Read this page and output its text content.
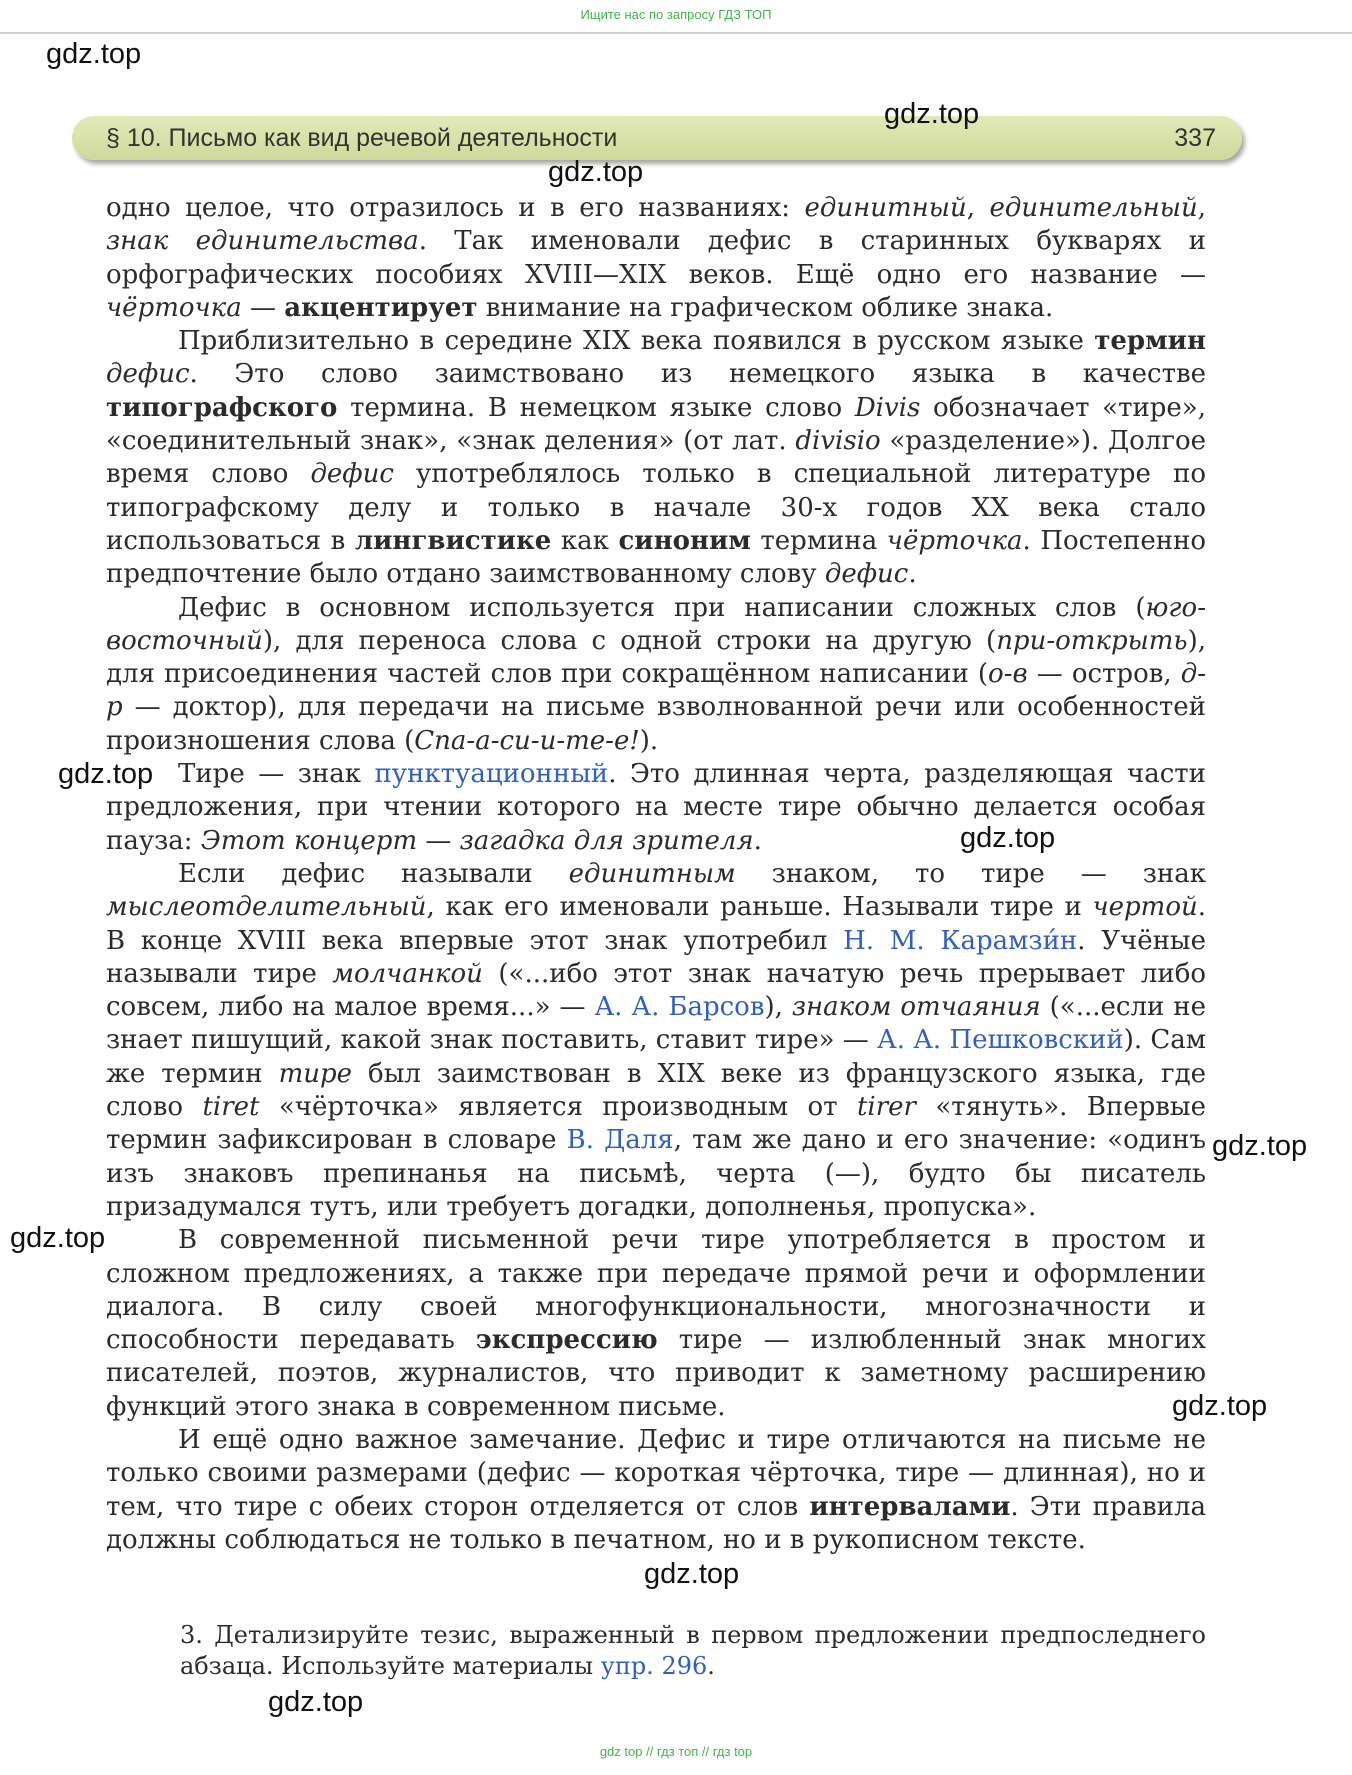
Ищите нас по запросу ГДЗ ТОП
gdz.top
§ 10. Письмо как вид речевой деятельности	337
gdz.top
gdz.top

одно целое, что отразилось и в его названиях: единитный, единительный, знак единительства. Так именовали дефис в старинных букварях и орфографических пособиях XVIII—XIX веков. Ещё одно его название — чёрточка — акцентирует внимание на графическом облике знака.

Приблизительно в середине XIX века появился в русском языке термин дефис. Это слово заимствовано из немецкого языка в качестве типографского термина. В немецком языке слово Divis обозначает «тире», «соединительный знак», «знак деления» (от лат. divisio «разделение»). Долгое время слово дефис употреблялось только в специальной литературе по типографскому делу и только в начале 30-х годов XX века стало использоваться в лингвистике как синоним термина чёрточка. Постепенно предпочтение было отдано заимствованному слову дефис.

Дефис в основном используется при написании сложных слов (юго-восточный), для переноса слова с одной строки на другую (при-открыть), для присоединения частей слов при сокращённом написании (о-в — остров, д-р — доктор), для передачи на письме взволнованной речи или особенностей произношения слова (Спа-а-си-и-те-е!).

Тире — знак пунктуационный. Это длинная черта, разделяющая части предложения, при чтении которого на месте тире обычно делается особая пауза: Этот концерт — загадка для зрителя.

Если дефис называли единитным знаком, то тире — знак мыслеотделительный, как его именовали раньше. Называли тире и чертой. В конце XVIII века впервые этот знак употребил Н. М. Карамзи́н. Учёные называли тире молчанкой («...ибо этот знак начатую речь прерывает либо совсем, либо на малое время...» — А. А. Барсов), знаком отчаяния («...если не знает пишущий, какой знак поставить, ставит тире» — А. А. Пешковский). Сам же термин тире был заимствован в XIX веке из французского языка, где слово tiret «чёрточка» является производным от tirer «тянуть». Впервые термин зафиксирован в словаре В. Даля, там же дано и его значение: «одинъ изъ знаковъ препинанья на письмѣ, черта (—), будто бы писатель призадумался тутъ, или требуетъ догадки, дополненья, пропуска».

В современной письменной речи тире употребляется в простом и сложном предложениях, а также при передаче прямой речи и оформлении диалога. В силу своей многофункциональности, многозначности и способности передавать экспрессию тире — излюбленный знак многих писателей, поэтов, журналистов, что приводит к заметному расширению функций этого знака в современном письме.

И ещё одно важное замечание. Дефис и тире отличаются на письме не только своими размерами (дефис — короткая чёрточка, тире — длинная), но и тем, что тире с обеих сторон отделяется от слов интервалами. Эти правила должны соблюдаться не только в печатном, но и в рукописном тексте.

gdz.top
gdz.top
gdz.top
gdz.top
gdz.top
gdz.top
3. Детализируйте тезис, выраженный в первом предложении предпоследнего абзаца. Используйте материалы упр. 296.
gdz.top
gdz top // гдз топ // гдз top
